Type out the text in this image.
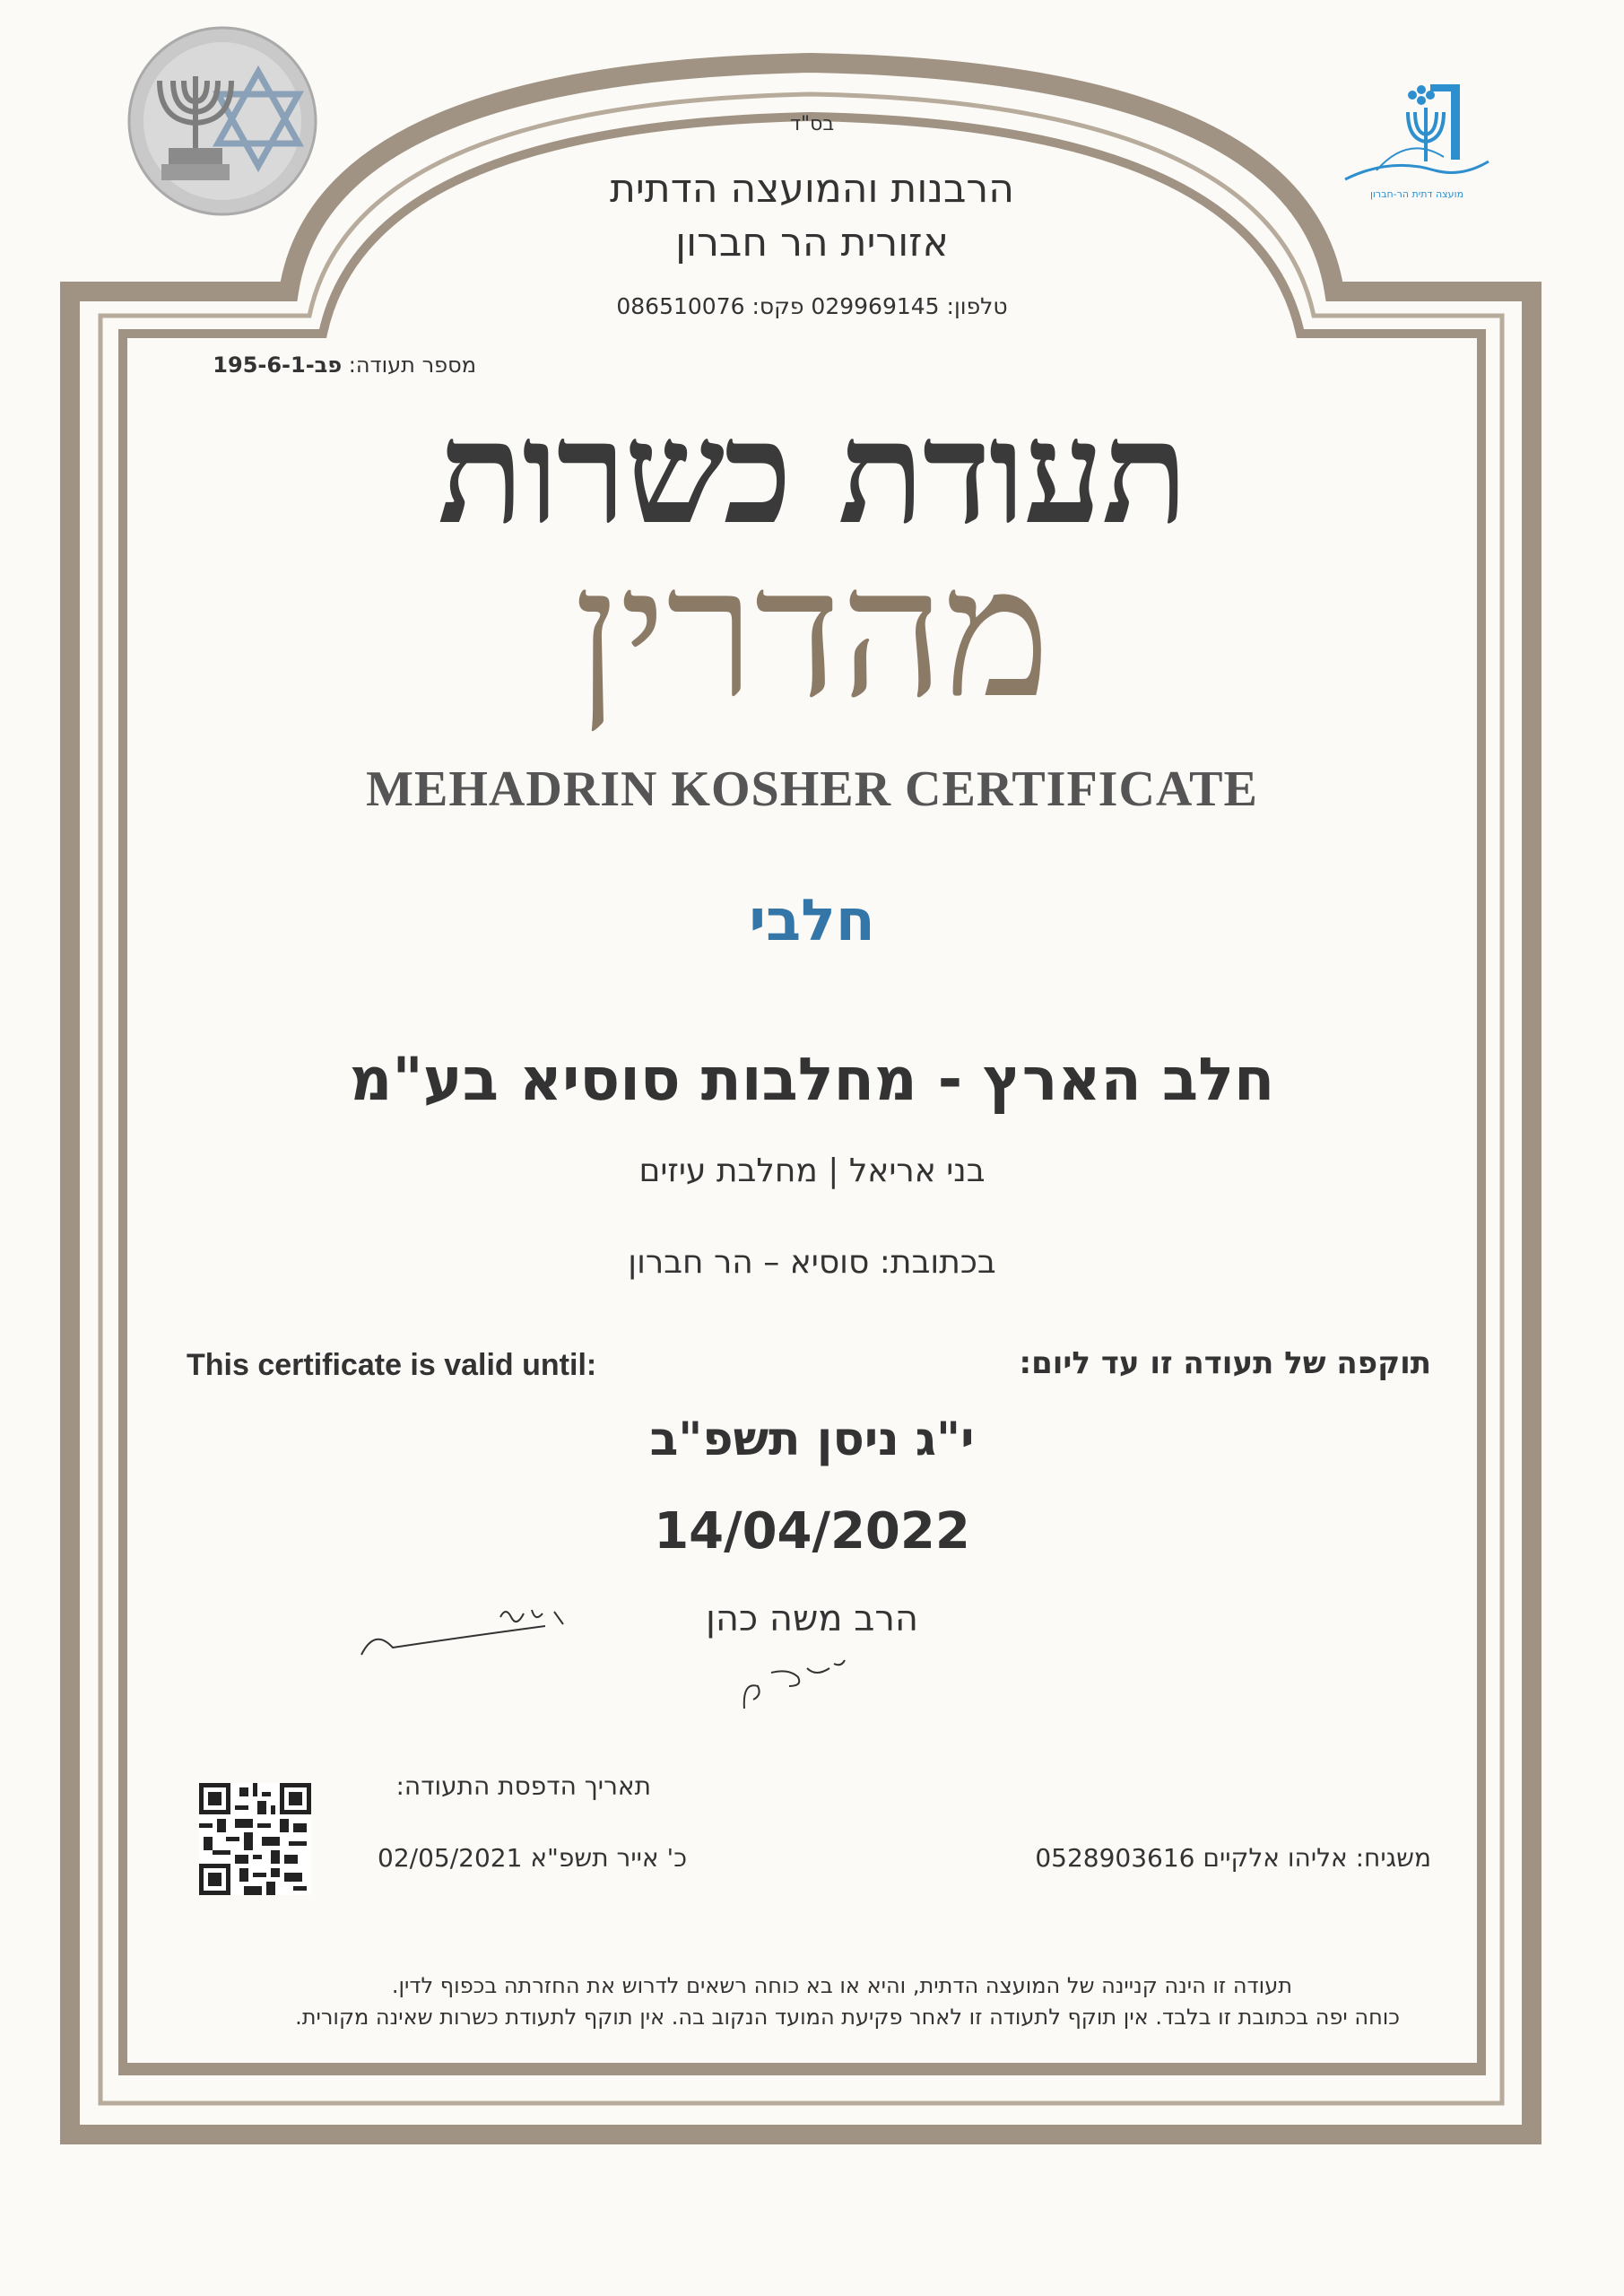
מועצה דתית הר-חברון
בס"ד
הרבנות והמועצה הדתית
אזורית הר חברון
טלפון: 029969145 פקס: 086510076
מספר תעודה: פב-195-6-1
תעודת כשרות
מהדרין
MEHADRIN KOSHER CERTIFICATE
חלבי
חלב הארץ - מחלבות סוסיא בע"מ
בני אריאל | מחלבת עיזים
בכתובת: סוסיא – הר חברון
תוקפה של תעודה זו עד ליום:
This certificate is valid until:
י"ג ניסן תשפ"ב
14/04/2022
הרב משה כהן
תאריך הדפסת התעודה:
כ' אייר תשפ"א 02/05/2021	משגיח: אליהו אלקיים 0528903616
תעודה זו הינה קניינה של המועצה הדתית, והיא או בא כוחה רשאים לדרוש את החזרתה בכפוף לדין.
כוחה יפה בכתובת זו בלבד. אין תוקף לתעודה זו לאחר פקיעת המועד הנקוב בה. אין תוקף לתעודת כשרות שאינה מקורית.
